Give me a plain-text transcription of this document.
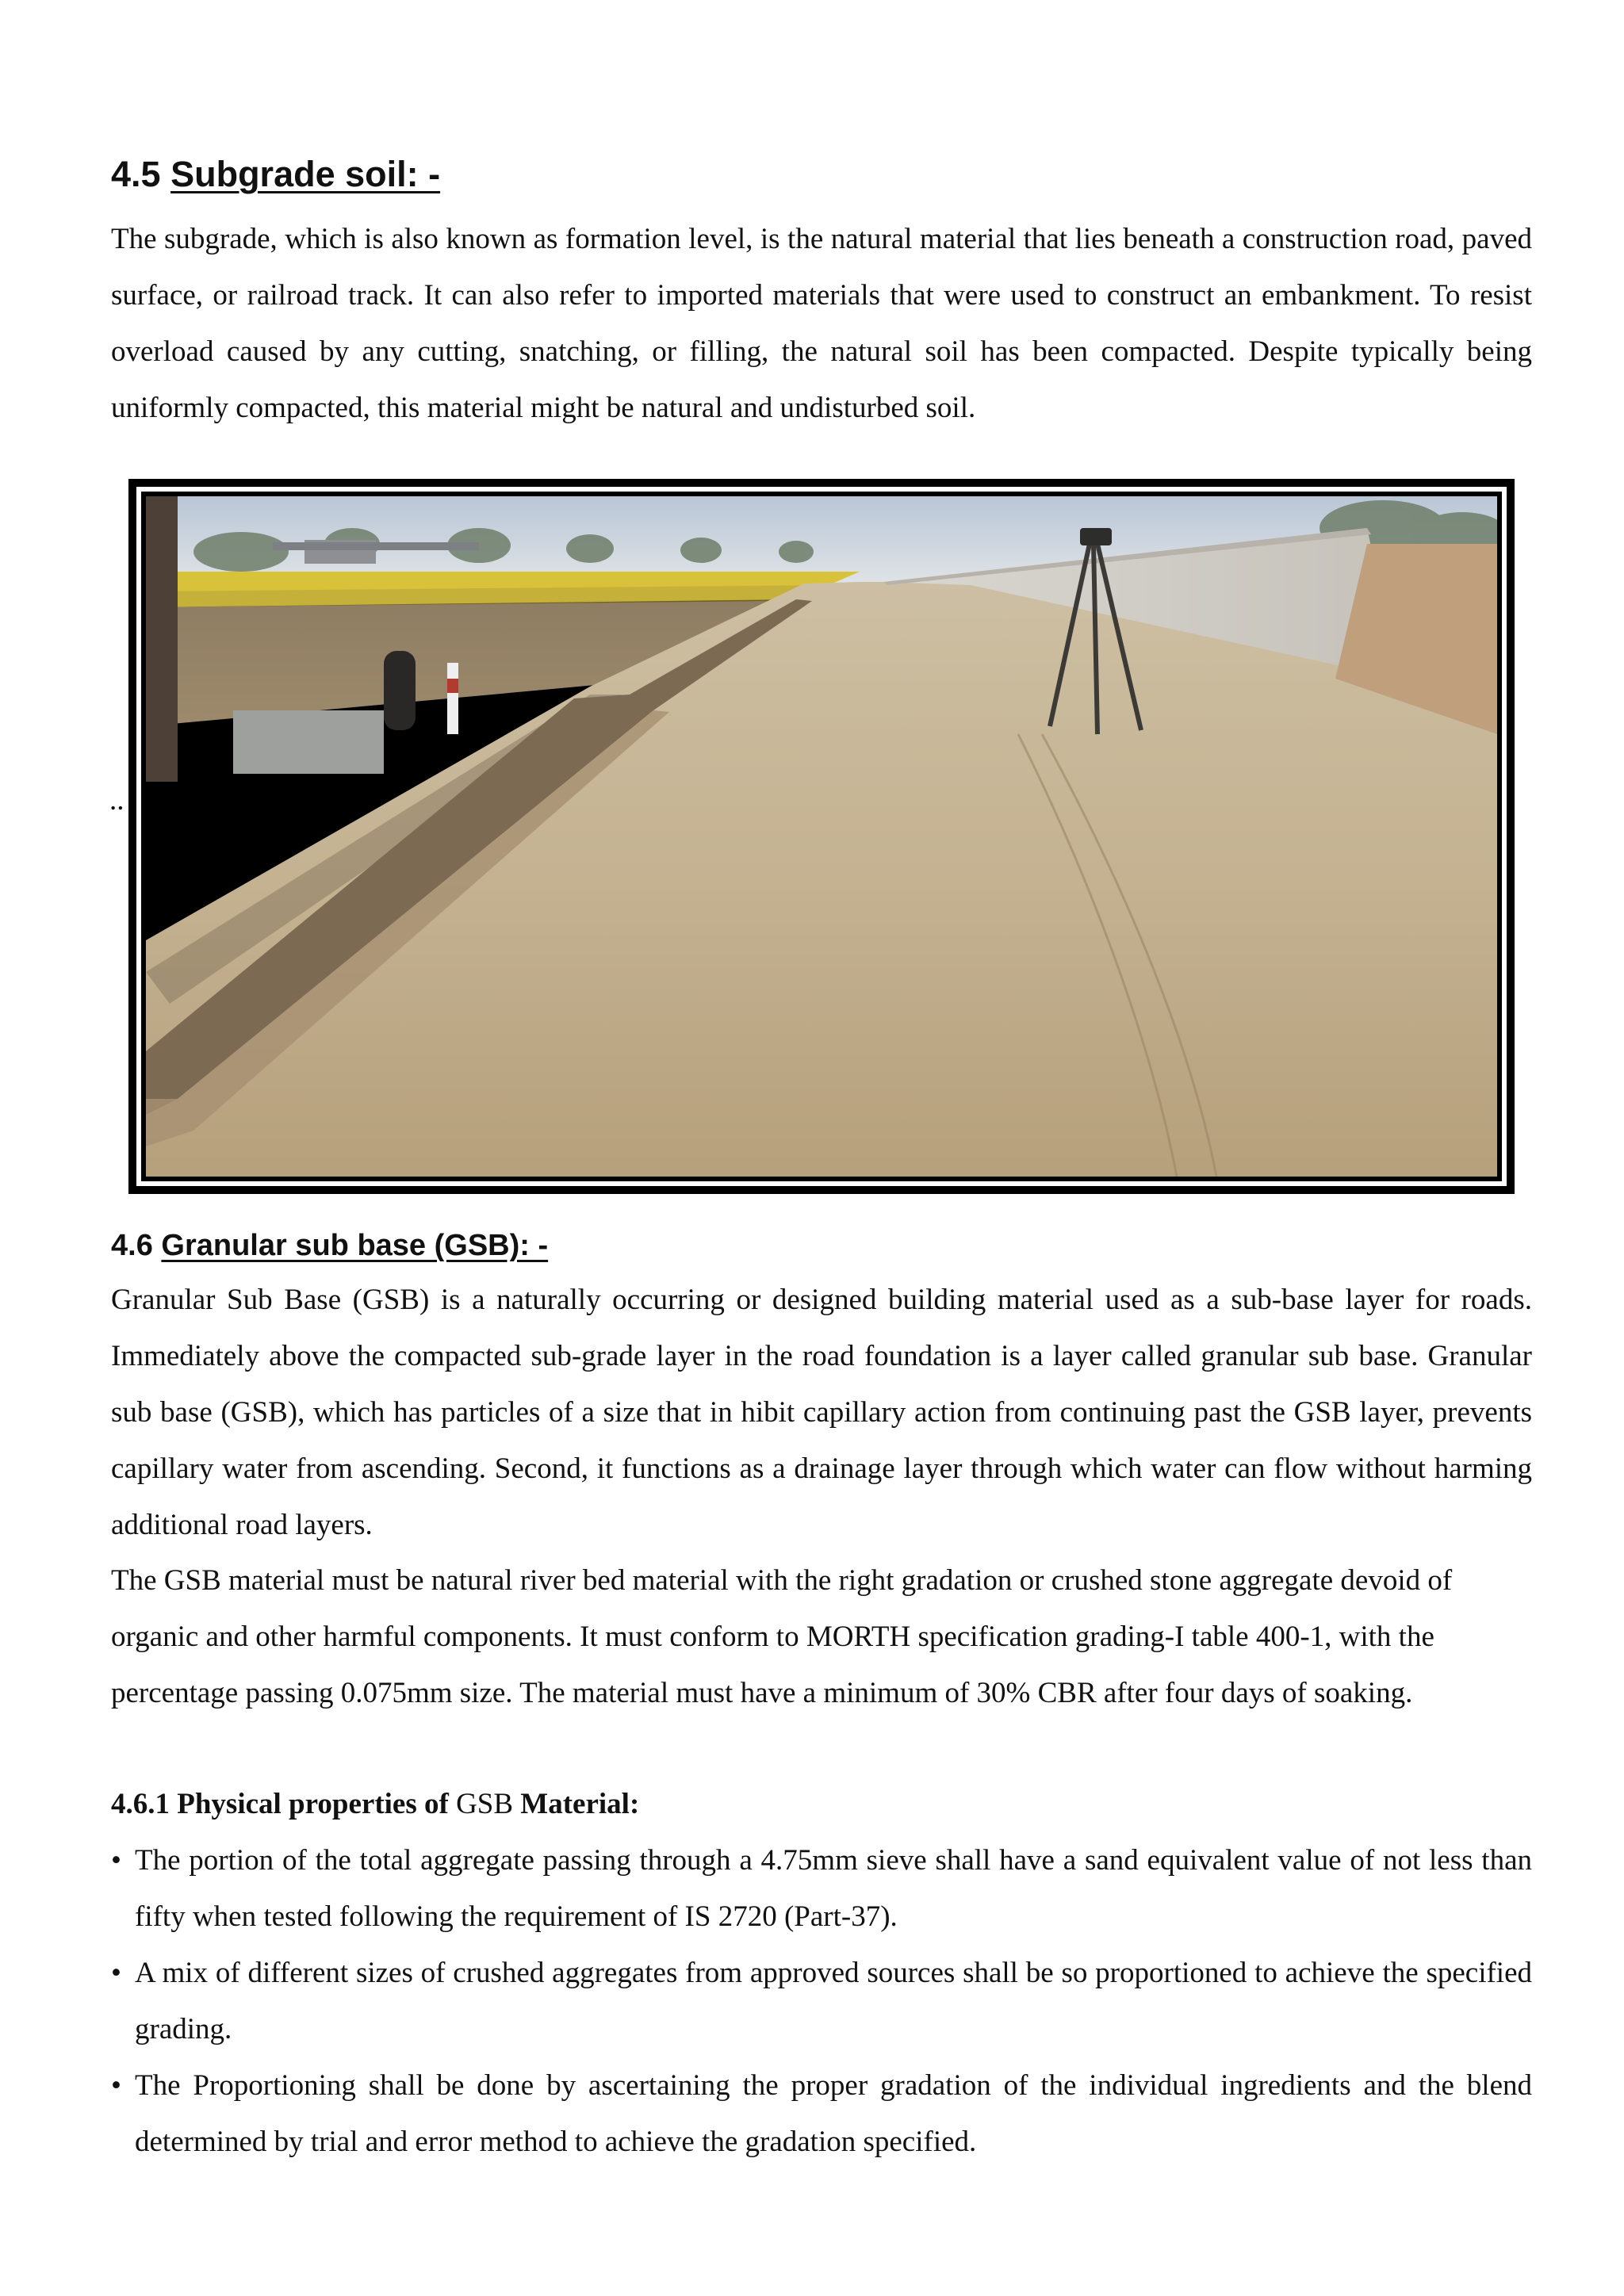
4.5 Subgrade soil: -

The subgrade, which is also known as formation level, is the natural material that lies beneath a construction road, paved surface, or railroad track. It can also refer to imported materials that were used to construct an embankment. To resist overload caused by any cutting, snatching, or filling, the natural soil has been compacted. Despite typically being uniformly compacted, this material might be natural and undisturbed soil.

..
4.6 Granular sub base (GSB): -

Granular Sub Base (GSB) is a naturally occurring or designed building material used as a sub-base layer for roads. Immediately above the compacted sub-grade layer in the road foundation is a layer called granular sub base. Granular sub base (GSB), which has particles of a size that in hibit capillary action from continuing past the GSB layer, prevents capillary water from ascending. Second, it functions as a drainage layer through which water can flow without harming additional road layers.

The GSB material must be natural river bed material with the right gradation or crushed stone aggregate devoid of organic and other harmful components. It must conform to MORTH specification grading-I table 400-1, with the percentage passing 0.075mm size. The material must have a minimum of 30% CBR after four days of soaking.

4.6.1 Physical properties of GSB Material:
• The portion of the total aggregate passing through a 4.75mm sieve shall have a sand equivalent value of not less than fifty when tested following the requirement of IS 2720 (Part-37).
• A mix of different sizes of crushed aggregates from approved sources shall be so proportioned to achieve the specified grading.
• The Proportioning shall be done by ascertaining the proper gradation of the individual ingredients and the blend determined by trial and error method to achieve the gradation specified.
